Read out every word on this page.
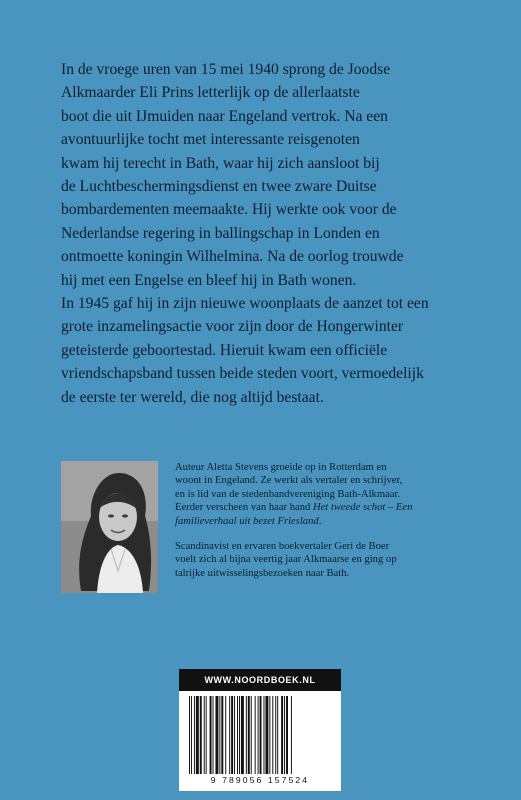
In de vroege uren van 15 mei 1940 sprong de Joodse
Alkmaarder Eli Prins letterlijk op de allerlaatste
boot die uit IJmuiden naar Engeland vertrok. Na een
avontuurlijke tocht met interessante reisgenoten
kwam hij terecht in Bath, waar hij zich aansloot bij
de Luchtbeschermingsdienst en twee zware Duitse
bombardementen meemaakte. Hij werkte ook voor de
Nederlandse regering in ballingschap in Londen en
ontmoette koningin Wilhelmina. Na de oorlog trouwde
hij met een Engelse en bleef hij in Bath wonen.
In 1945 gaf hij in zijn nieuwe woonplaats de aanzet tot een
grote inzamelingsactie voor zijn door de Hongerwinter
geteisterde geboortestad. Hieruit kwam een officiële
vriendschapsband tussen beide steden voort, vermoedelijk
de eerste ter wereld, die nog altijd bestaat.
Auteur Aletta Stevens groeide op in Rotterdam en
woont in Engeland. Ze werkt als vertaler en schrijver,
en is lid van de stedenbandvereniging Bath-Alkmaar.
Eerder verscheen van haar hand Het tweede schot – Een
familieverhaal uit bezet Friesland.
Scandinavist en ervaren boekvertaler Geri de Boer
voelt zich al bijna veertig jaar Alkmaarse en ging op
talrijke uitwisselingsbezoeken naar Bath.
WWW.NOORDBOEK.NL
9 789056 157524
